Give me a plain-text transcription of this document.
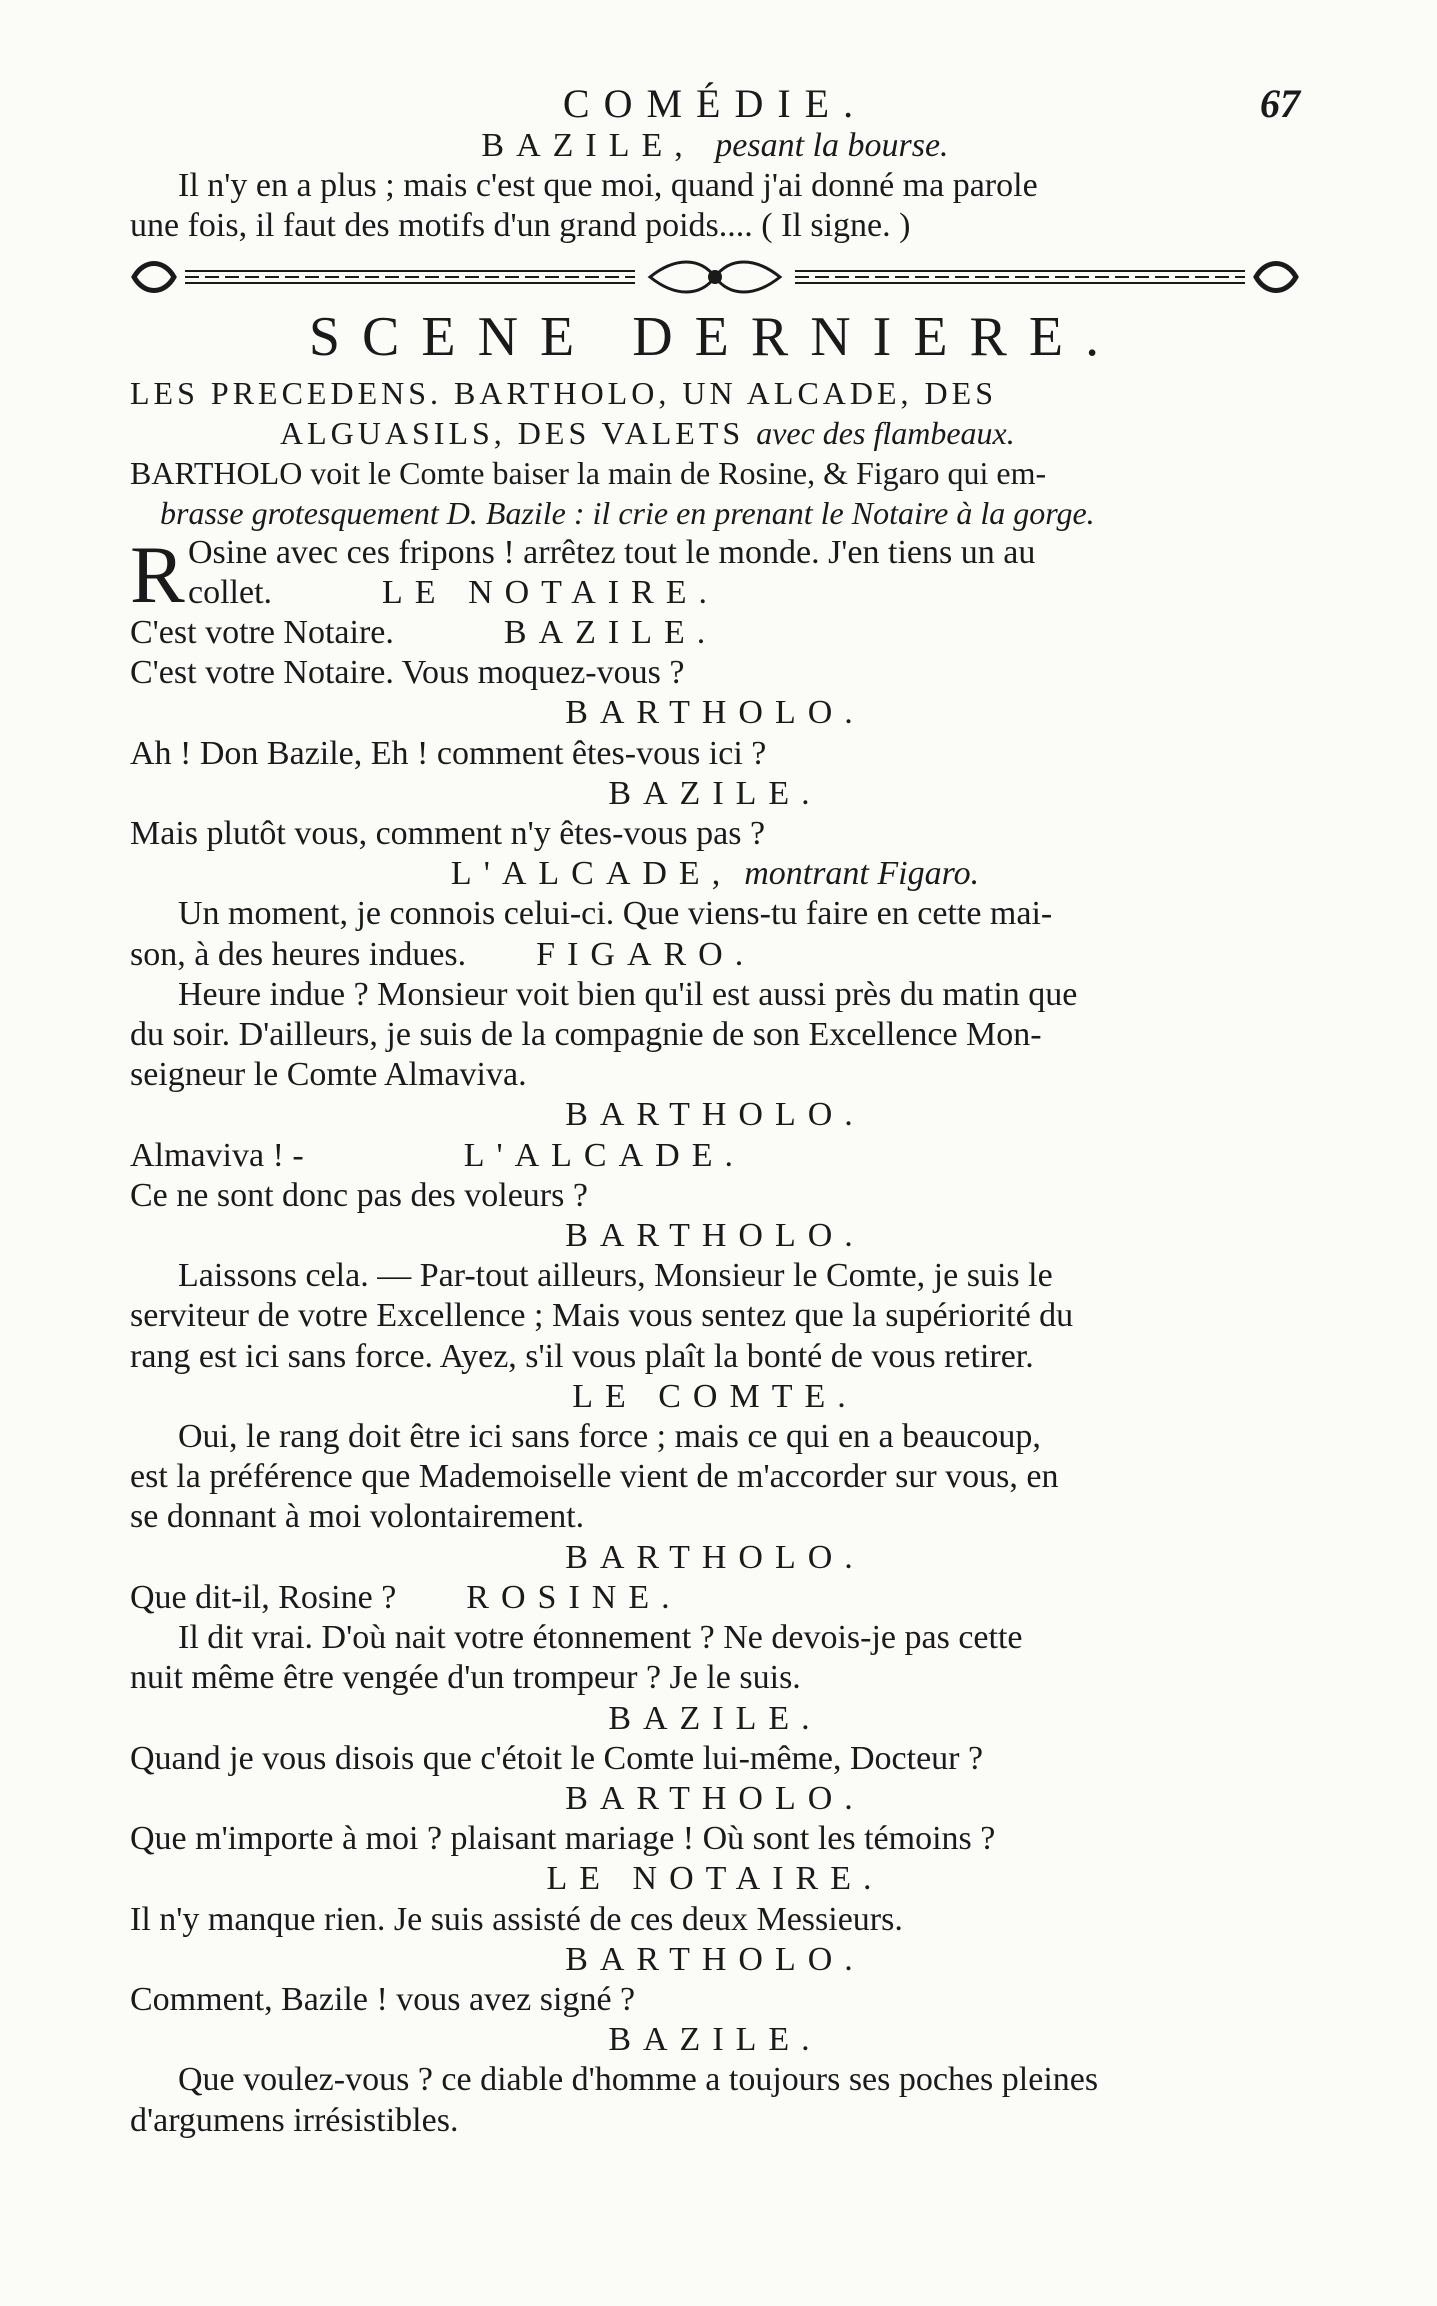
COMÉDIE.	67
BAZILE, pesant la bourse.
Il n'y en a plus ; mais c'est que moi, quand j'ai donné ma parole
une fois, il faut des motifs d'un grand poids.... ( Il signe. )
SCENE DERNIERE.
LES PRECEDENS. BARTHOLO, UN ALCADE, DES
ALGUASILS, DES VALETS avec des flambeaux.
BARTHOLO voit le Comte baiser la main de Rosine, & Figaro qui em-
brasse grotesquement D. Bazile : il crie en prenant le Notaire à la gorge.
R Osine avec ces fripons ! arrêtez tout le monde. J'en tiens un au
collet.	LE NOTAIRE.
C'est votre Notaire.	BAZILE.
C'est votre Notaire. Vous moquez-vous ?
BARTHOLO.
Ah ! Don Bazile, Eh ! comment êtes-vous ici ?
BAZILE.
Mais plutôt vous, comment n'y êtes-vous pas ?
L'ALCADE, montrant Figaro.
Un moment, je connois celui-ci. Que viens-tu faire en cette mai-
son, à des heures indues. FIGARO.
Heure indue ? Monsieur voit bien qu'il est aussi près du matin que
du soir. D'ailleurs, je suis de la compagnie de son Excellence Mon-
seigneur le Comte Almaviva.
BARTHOLO.
Almaviva ! -	L'ALCADE.
Ce ne sont donc pas des voleurs ?
BARTHOLO.
Laissons cela. — Par-tout ailleurs, Monsieur le Comte, je suis le
serviteur de votre Excellence ; Mais vous sentez que la supériorité du
rang est ici sans force. Ayez, s'il vous plaît la bonté de vous retirer.
LE COMTE.
Oui, le rang doit être ici sans force ; mais ce qui en a beaucoup,
est la préférence que Mademoiselle vient de m'accorder sur vous, en
se donnant à moi volontairement.
BARTHOLO.
Que dit-il, Rosine ? ROSINE.
Il dit vrai. D'où nait votre étonnement ? Ne devois-je pas cette
nuit même être vengée d'un trompeur ? Je le suis.
BAZILE.
Quand je vous disois que c'étoit le Comte lui-même, Docteur ?
BARTHOLO.
Que m'importe à moi ? plaisant mariage ! Où sont les témoins ?
LE NOTAIRE.
Il n'y manque rien. Je suis assisté de ces deux Messieurs.
BARTHOLO.
Comment, Bazile ! vous avez signé ?
BAZILE.
Que voulez-vous ? ce diable d'homme a toujours ses poches pleines
d'argumens irrésistibles.
